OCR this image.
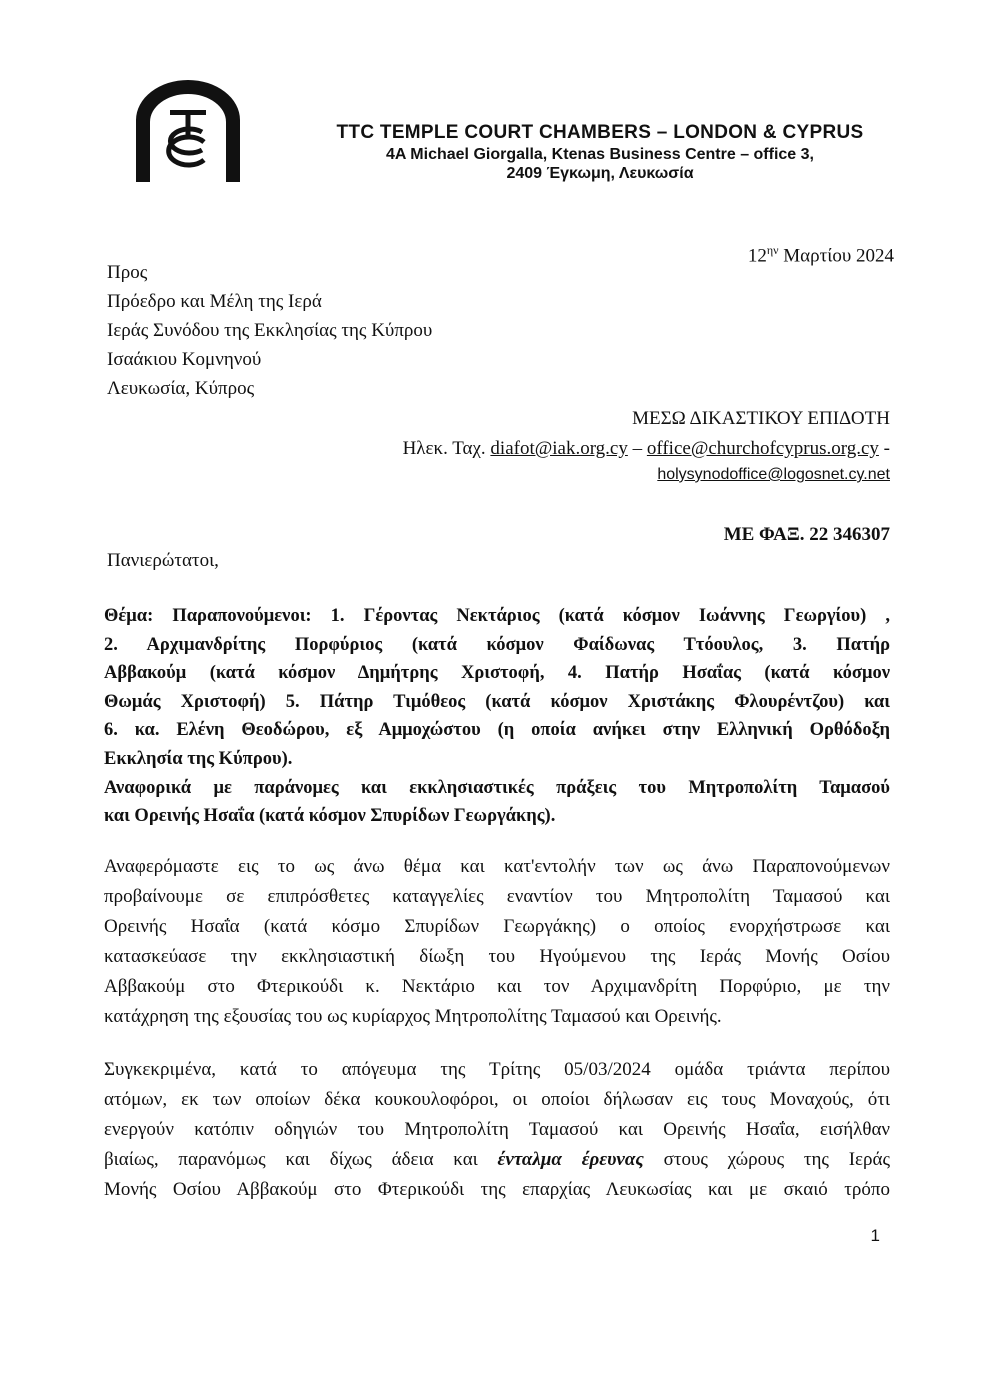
TTC TEMPLE COURT CHAMBERS – LONDON & CYPRUS
4A Michael Giorgalla, Ktenas Business Centre – office 3,
2409 Έγκωμη, Λευκωσία
$12^{\eta\nu}$ Μαρτίου 2024
Προς
Πρόεδρο και Μέλη της Ιερά
Ιεράς Συνόδου της Εκκλησίας της Κύπρου
Ισαάκιου Κομνηνού
Λευκωσία, Κύπρος
ΜΕΣΩ ΔΙΚΑΣΤΙΚΟΥ ΕΠΙΔΟΤΗ
Ηλεκ. Ταχ. diafot@iak.org.cy – office@churchofcyprus.org.cy -
holysynodoffice@logosnet.cy.net
ΜΕ ΦΑΞ. 22 346307
Πανιερώτατοι,
Θέμα: Παραπονούμενοι: 1. Γέροντας Νεκτάριος (κατά κόσμον Ιωάννης Γεωργίου) ,
2. Αρχιμανδρίτης Πορφύριος (κατά κόσμον Φαίδωνας Ττόουλος, 3. Πατήρ
Αββακούμ (κατά κόσμον Δημήτρης Χριστοφή, 4. Πατήρ Ησαΐας (κατά κόσμον
Θωμάς Χριστοφή) 5. Πάτηρ Τιμόθεος (κατά κόσμον Χριστάκης Φλουρέντζου) και
6. κα. Ελένη Θεοδώρου, εξ Αμμοχώστου (η οποία ανήκει στην Ελληνική Ορθόδοξη
Εκκλησία της Κύπρου).
Αναφορικά με παράνομες και εκκλησιαστικές πράξεις του Μητροπολίτη Ταμασού
και Ορεινής Ησαΐα (κατά κόσμον Σπυρίδων Γεωργάκης).
Αναφερόμαστε εις το ως άνω θέμα και κατ'εντολήν των ως άνω Παραπονούμενων
προβαίνουμε σε επιπρόσθετες καταγγελίες εναντίον του Μητροπολίτη Ταμασού και
Ορεινής Ησαΐα (κατά κόσμο Σπυρίδων Γεωργάκης) ο οποίος ενορχήστρωσε και
κατασκεύασε την εκκλησιαστική δίωξη του Ηγούμενου της Ιεράς Μονής Οσίου
Αββακούμ στο Φτερικούδι κ. Νεκτάριο και τον Αρχιμανδρίτη Πορφύριο, με την
κατάχρηση της εξουσίας του ως κυρίαρχος Μητροπολίτης Ταμασού και Ορεινής.
Συγκεκριμένα, κατά το απόγευμα της Τρίτης 05/03/2024 ομάδα τριάντα περίπου
ατόμων, εκ των οποίων δέκα κουκουλοφόροι, οι οποίοι δήλωσαν εις τους Μοναχούς, ότι
ενεργούν κατόπιν οδηγιών του Μητροπολίτη Ταμασού και Ορεινής Ησαΐα, εισήλθαν
βιαίως, παρανόμως και δίχως άδεια και ένταλμα έρευνας στους χώρους της Ιεράς
Μονής Οσίου Αββακούμ στο Φτερικούδι της επαρχίας Λευκωσίας και με σκαιό τρόπο
1
